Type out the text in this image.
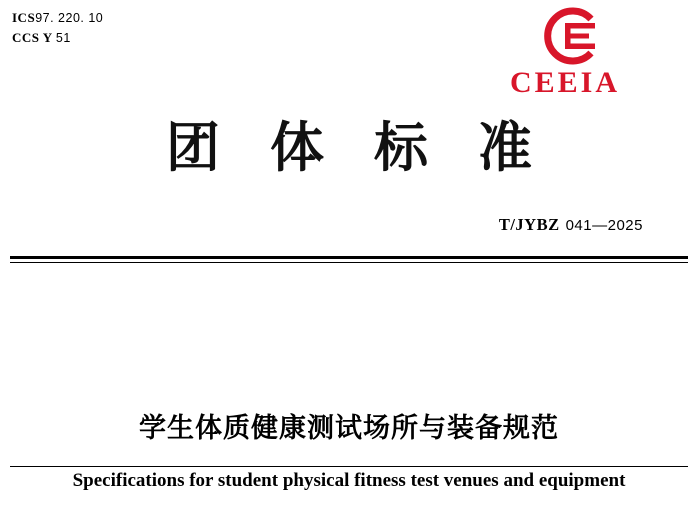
ICS97. 220. 10
CCS Y 51
CEEIA
团体标准
T/JYBZ 041—2025
学生体质健康测试场所与装备规范
Specifications for student physical fitness test venues and equipment
